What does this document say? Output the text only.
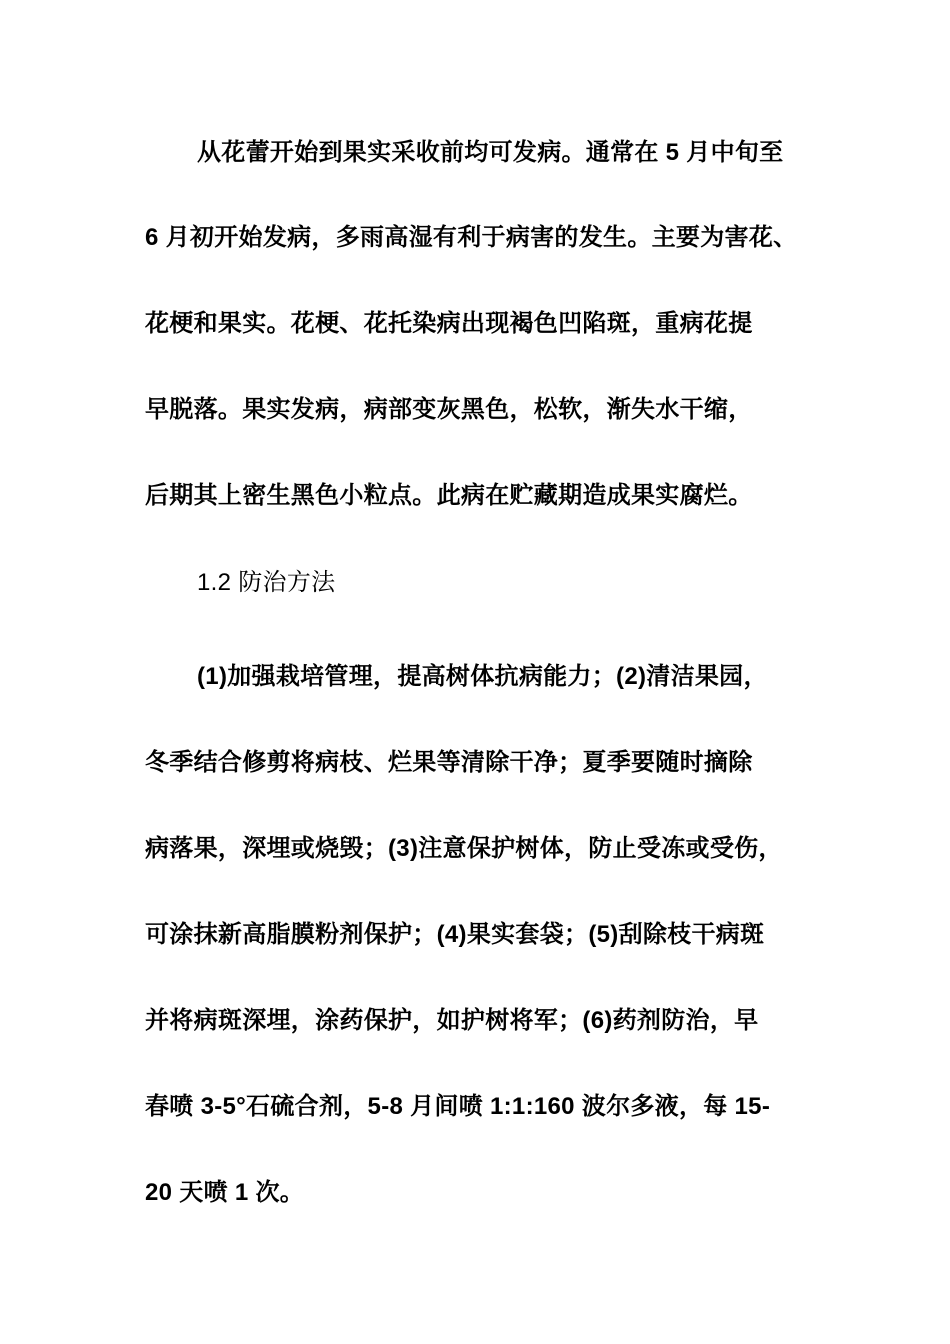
从花蕾开始到果实采收前均可发病。通常在 5 月中旬至
6 月初开始发病，多雨高湿有利于病害的发生。主要为害花、
花梗和果实。花梗、花托染病出现褐色凹陷斑，重病花提
早脱落。果实发病，病部变灰黑色，松软，渐失水干缩，
后期其上密生黑色小粒点。此病在贮藏期造成果实腐烂。
1.2 防治方法
(1)加强栽培管理，提高树体抗病能力；(2)清洁果园，
冬季结合修剪将病枝、烂果等清除干净；夏季要随时摘除
病落果，深埋或烧毁；(3)注意保护树体，防止受冻或受伤，
可涂抹新高脂膜粉剂保护；(4)果实套袋；(5)刮除枝干病斑
并将病斑深埋，涂药保护，如护树将军；(6)药剂防治，早
春喷 3-5°石硫合剂，5-8 月间喷 1:1:160 波尔多液，每 15-
20 天喷 1 次。
